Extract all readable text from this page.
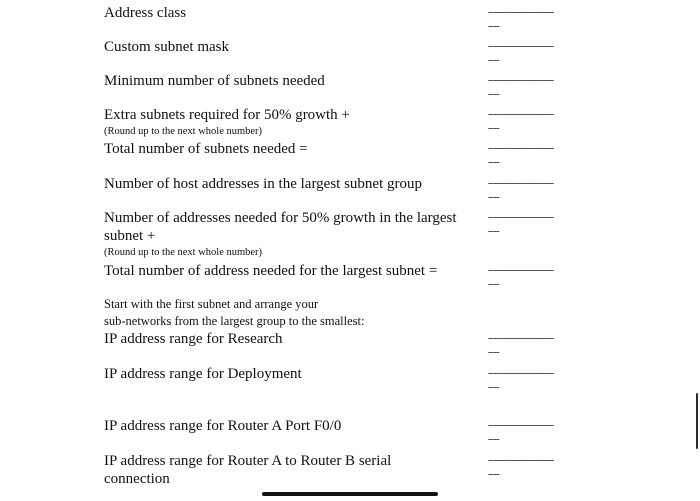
Address class	------------------------
----
Custom subnet mask	------------------------
----
Minimum number of subnets needed	------------------------
----
Extra subnets required for 50% growth +
(Round up to the next whole number)
------------------------
----
Total number of subnets needed =	------------------------
----
Number of host addresses in the largest subnet group	------------------------
----
Number of addresses needed for 50% growth in the largest
subnet +
(Round up to the next whole number)
------------------------
----
Total number of address needed for the largest subnet =	------------------------
----
Start with the first subnet and arrange your
sub-networks from the largest group to the smallest:
IP address range for Research	------------------------
----
IP address range for Deployment	------------------------
----
IP address range for Router A Port F0/0	------------------------
----
IP address range for Router A to Router B serial
connection
------------------------
----
